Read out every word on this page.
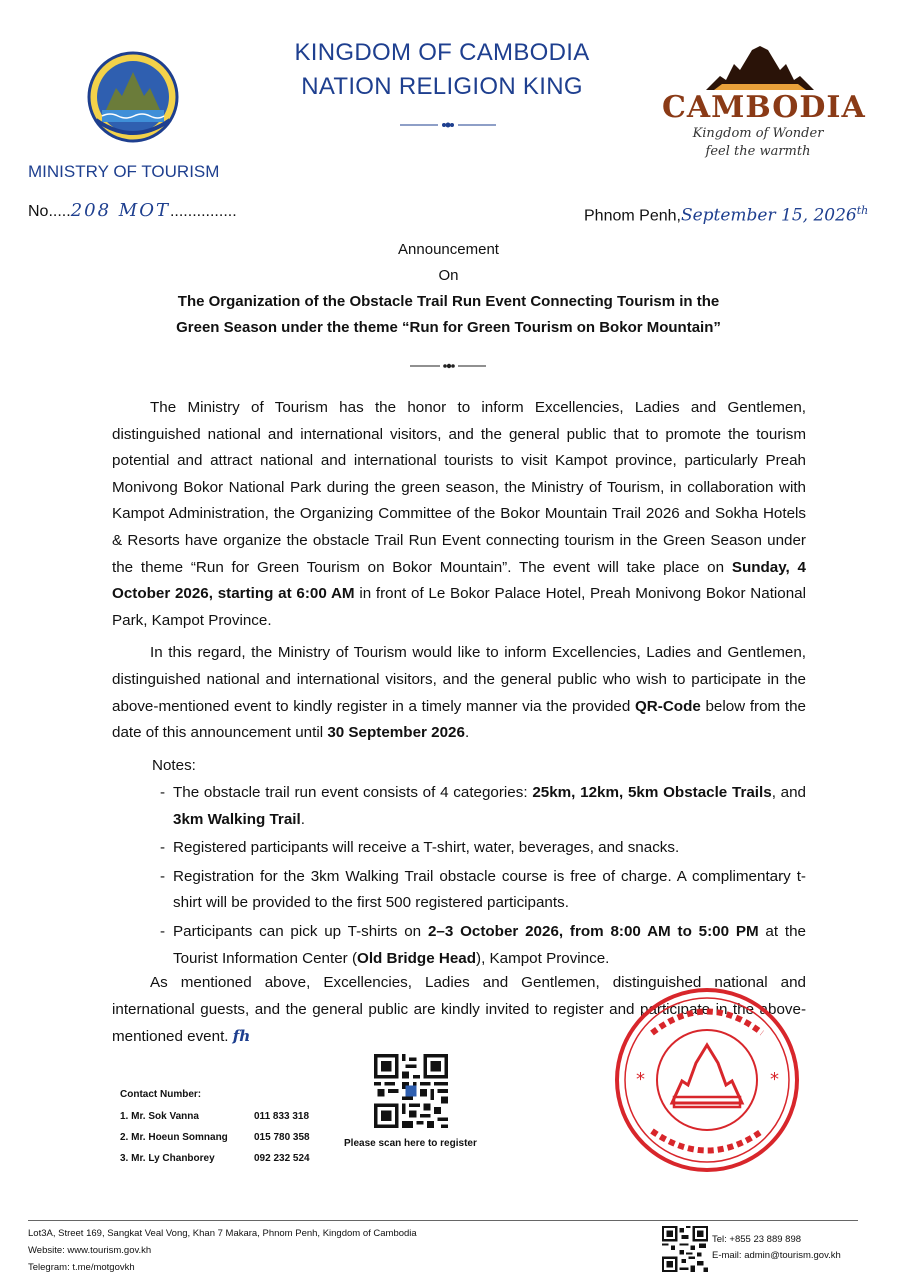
KINGDOM OF CAMBODIA
NATION RELIGION KING
CAMBODIA
Kingdom of Wonder
feel the warmth
MINISTRY OF TOURISM
No.....208 MOT...............	Phnom Penh,September 15, 2026th
Announcement
On
The Organization of the Obstacle Trail Run Event Connecting Tourism in the
Green Season under the theme “Run for Green Tourism on Bokor Mountain”

The Ministry of Tourism has the honor to inform Excellencies, Ladies and Gentlemen, distinguished national and international visitors, and the general public that to promote the tourism potential and attract national and international tourists to visit Kampot province, particularly Preah Monivong Bokor National Park during the green season, the Ministry of Tourism, in collaboration with Kampot Administration, the Organizing Committee of the Bokor Mountain Trail 2026 and Sokha Hotels & Resorts have organize the obstacle Trail Run Event connecting tourism in the Green Season under the theme “Run for Green Tourism on Bokor Mountain”. The event will take place on Sunday, 4 October 2026, starting at 6:00 AM in front of Le Bokor Palace Hotel, Preah Monivong Bokor National Park, Kampot Province.

In this regard, the Ministry of Tourism would like to inform Excellencies, Ladies and Gentlemen, distinguished national and international visitors, and the general public who wish to participate in the above-mentioned event to kindly register in a timely manner via the provided QR-Code below from the date of this announcement until 30 September 2026.

Notes:
- The obstacle trail run event consists of 4 categories: 25km, 12km, 5km Obstacle Trails, and 3km Walking Trail.
- Registered participants will receive a T-shirt, water, beverages, and snacks.
- Registration for the 3km Walking Trail obstacle course is free of charge. A complimentary t-shirt will be provided to the first 500 registered participants.
- Participants can pick up T-shirts on 2–3 October 2026, from 8:00 AM to 5:00 PM at the Tourist Information Center (Old Bridge Head), Kampot Province.

As mentioned above, Excellencies, Ladies and Gentlemen, distinguished national and international guests, and the general public are kindly invited to register and participate in the above-mentioned event. fh

*	*
Contact Number:
1. Mr. Sok Vanna	011 833 318
2. Mr. Hoeun Somnang	015 780 358
3. Mr. Ly Chanborey	092 232 524
Please scan here to register
Lot3A, Street 169, Sangkat Veal Vong, Khan 7 Makara, Phnom Penh, Kingdom of Cambodia
Website: www.tourism.gov.kh
Telegram: t.me/motgovkh
Tel: +855 23 889 898
E-mail: admin@tourism.gov.kh
